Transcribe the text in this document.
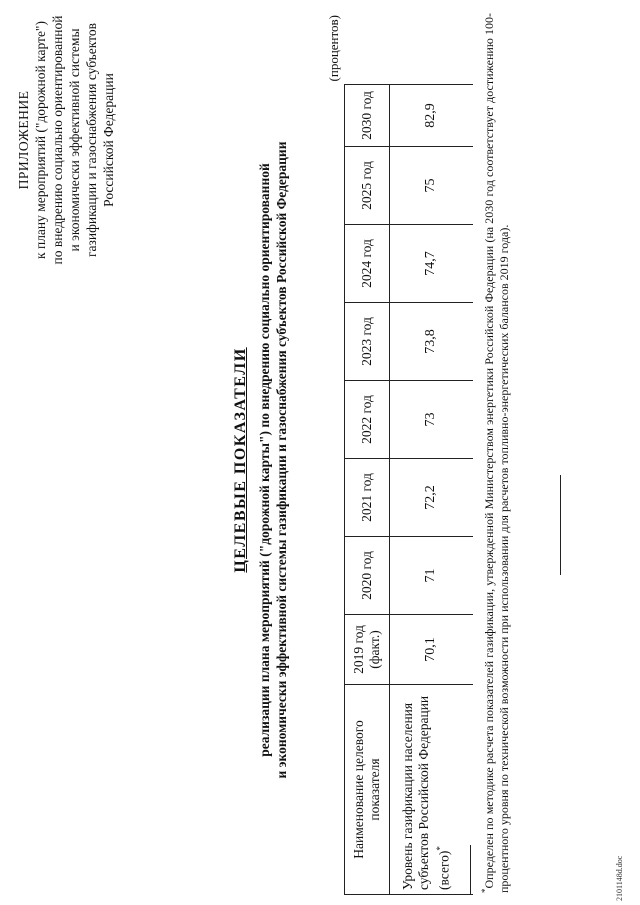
ПРИЛОЖЕНИЕ к плану мероприятий ("дорожной карте") по внедрению социально ориентированной и экономически эффективной системы газификации и газоснабжения субъектов Российской Федерации
ЦЕЛЕВЫЕ ПОКАЗАТЕЛИ реализации плана мероприятий ("дорожной карты") по внедрению социально ориентированной и экономически эффективной системы газификации и газоснабжения субъектов Российской Федерации
(процентов)
Наименование целевого показателя	2019 год (факт.)	2020 год	2021 год	2022 год	2023 год	2024 год	2025 год	2030 год
Уровень газификации населения субъектов Российской Федерации (всего)*	70,1	71	72,2	73	73,8	74,7	75	82,9
*Определен по методике расчета показателей газификации, утвержденной Министерством энергетики Российской Федерации (на 2030 год соответствует достижению 100-процентного уровня по технической возможности при использовании для расчетов топливно-энергетических балансов 2019 года).	2101148d.doc
